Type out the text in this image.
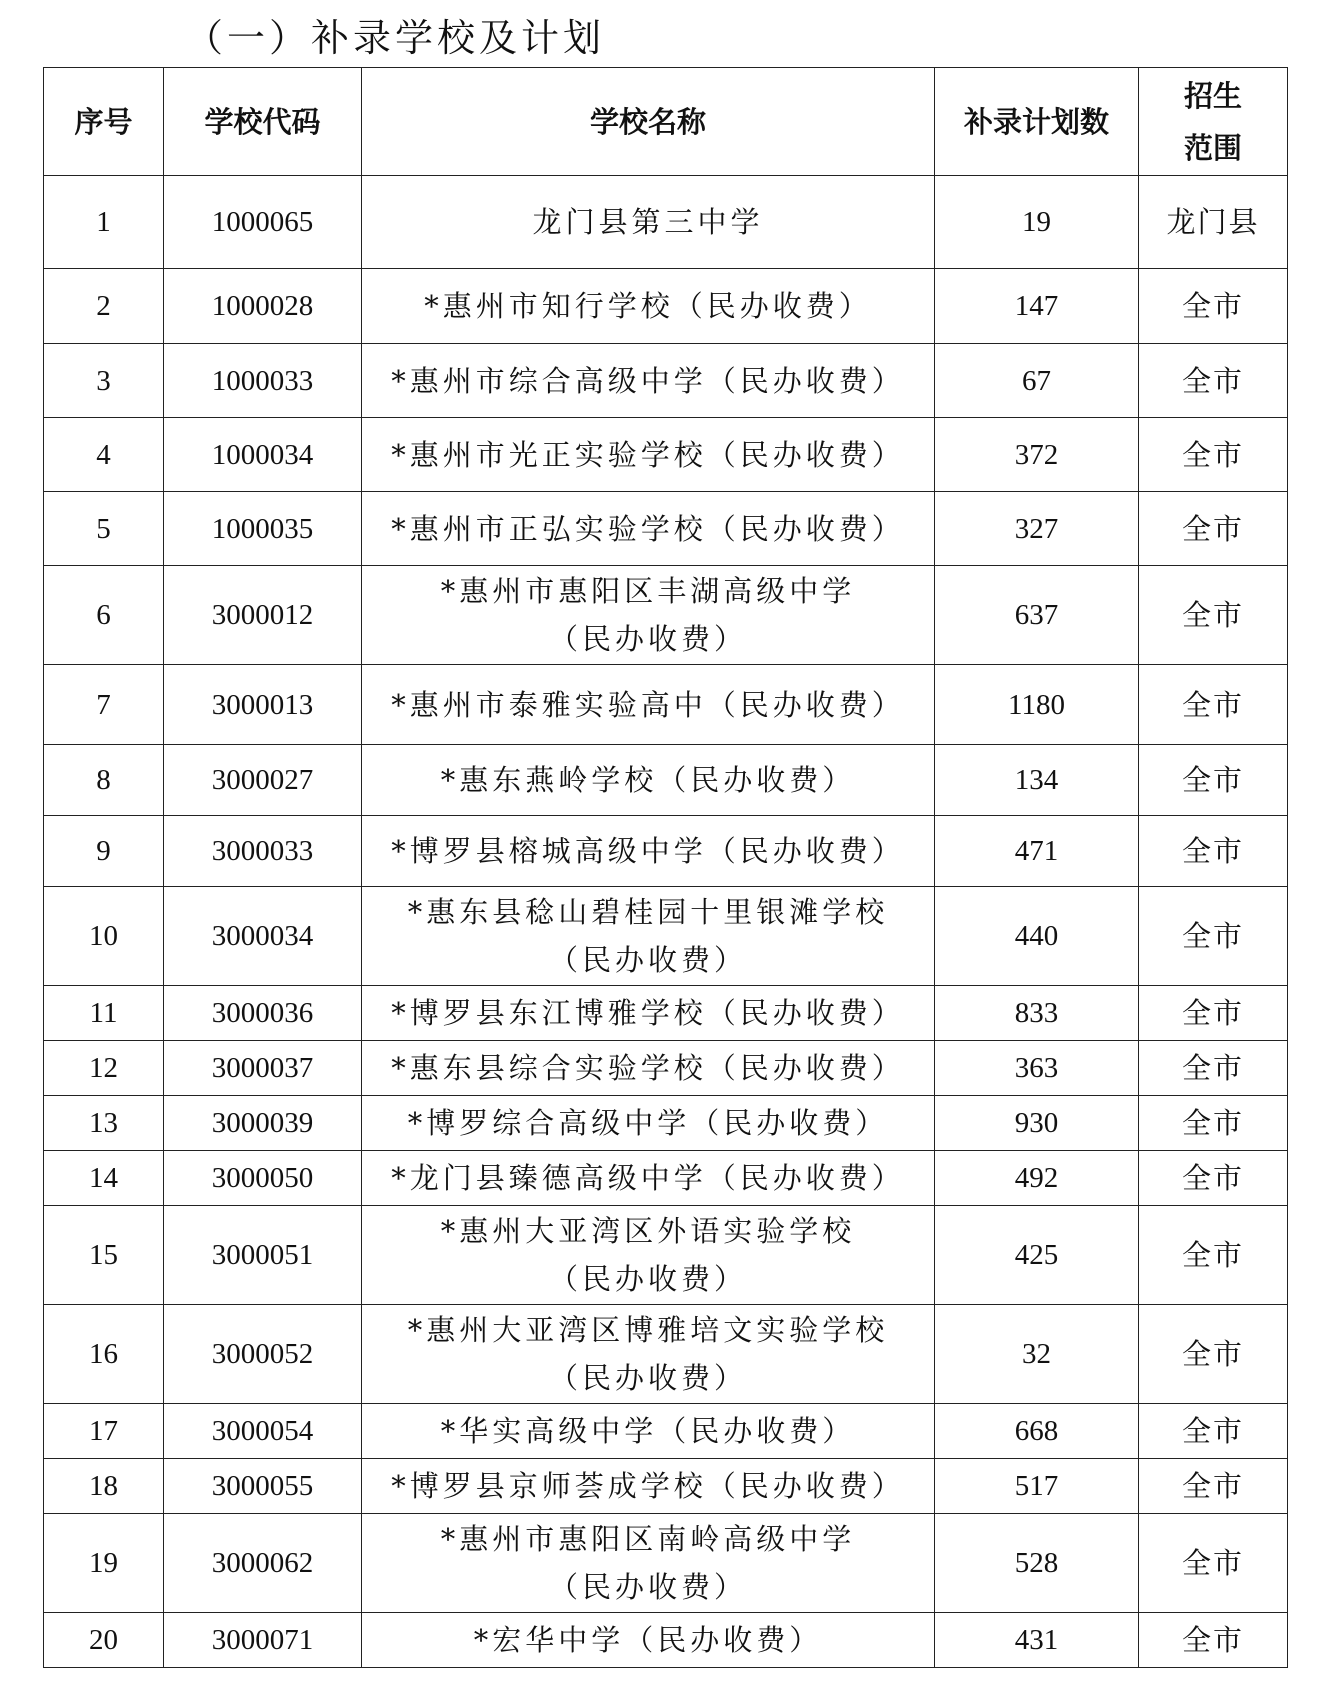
（一）补录学校及计划
序号	学校代码	学校名称	补录计划数	招生
范围

1	1000065	龙门县第三中学	19	龙门县
2	1000028	*惠州市知行学校（民办收费）	147	全市
3	1000033	*惠州市综合高级中学（民办收费）	67	全市
4	1000034	*惠州市光正实验学校（民办收费）	372	全市
5	1000035	*惠州市正弘实验学校（民办收费）	327	全市
6	3000012	*惠州市惠阳区丰湖高级中学
（民办收费）	637	全市
7	3000013	*惠州市泰雅实验高中（民办收费）	1180	全市
8	3000027	*惠东燕岭学校（民办收费）	134	全市
9	3000033	*博罗县榕城高级中学（民办收费）	471	全市
10	3000034	*惠东县稔山碧桂园十里银滩学校
（民办收费）	440	全市
11	3000036	*博罗县东江博雅学校（民办收费）	833	全市
12	3000037	*惠东县综合实验学校（民办收费）	363	全市
13	3000039	*博罗综合高级中学（民办收费）	930	全市
14	3000050	*龙门县臻德高级中学（民办收费）	492	全市
15	3000051	*惠州大亚湾区外语实验学校
（民办收费）	425	全市
16	3000052	*惠州大亚湾区博雅培文实验学校
（民办收费）	32	全市
17	3000054	*华实高级中学（民办收费）	668	全市
18	3000055	*博罗县京师荟成学校（民办收费）	517	全市
19	3000062	*惠州市惠阳区南岭高级中学
（民办收费）	528	全市
20	3000071	*宏华中学（民办收费）	431	全市
